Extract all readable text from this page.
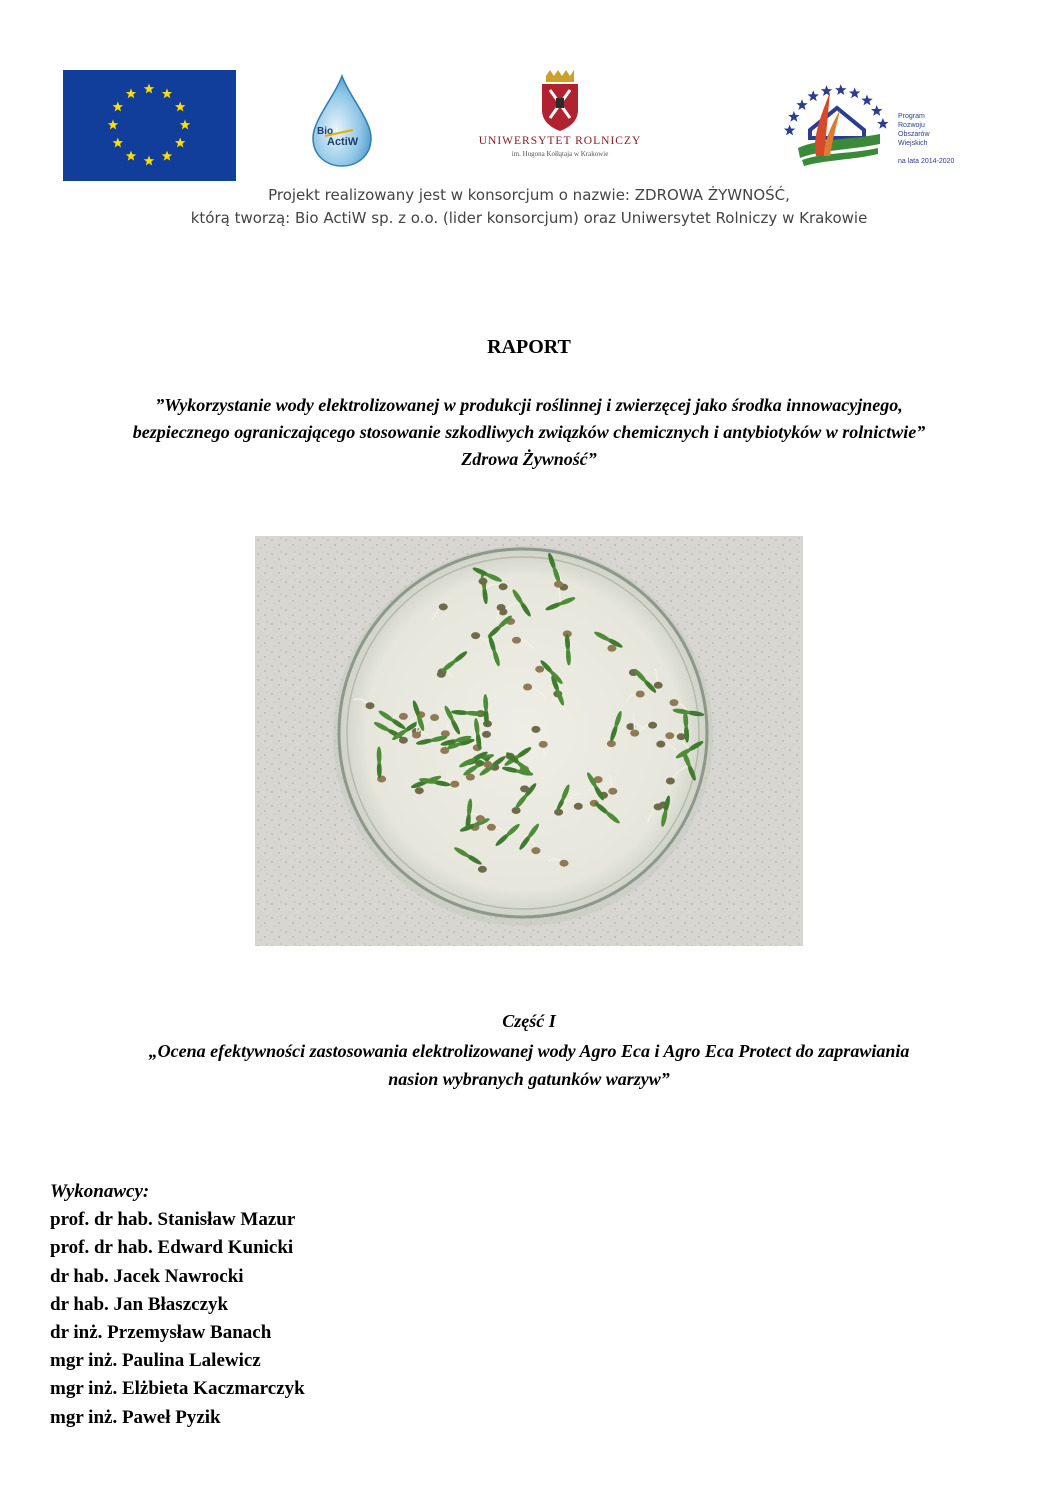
Bio
ActiW	UNIWERSYTET ROLNICZY
im. Hugona Kołłątaja w Krakowie
Program
Rozwoju
Obszarów
Wiejskich
na lata 2014-2020
Projekt realizowany jest w konsorcjum o nazwie: ZDROWA ŻYWNOŚĆ,
którą tworzą: Bio ActiW sp. z o.o. (lider konsorcjum) oraz Uniwersytet Rolniczy w Krakowie
RAPORT
”Wykorzystanie wody elektrolizowanej w produkcji roślinnej i zwierzęcej jako środka innowacyjnego,
bezpiecznego ograniczającego stosowanie szkodliwych związków chemicznych i antybiotyków w rolnictwie”
Zdrowa Żywność”
Część I
„Ocena efektywności zastosowania elektrolizowanej wody Agro Eca i Agro Eca Protect do zaprawiania
nasion wybranych gatunków warzyw”
Wykonawcy:
prof. dr hab. Stanisław Mazur
prof. dr hab. Edward Kunicki
dr hab. Jacek Nawrocki
dr hab. Jan Błaszczyk
dr inż. Przemysław Banach
mgr inż. Paulina Lalewicz
mgr inż. Elżbieta Kaczmarczyk
mgr inż. Paweł Pyzik
